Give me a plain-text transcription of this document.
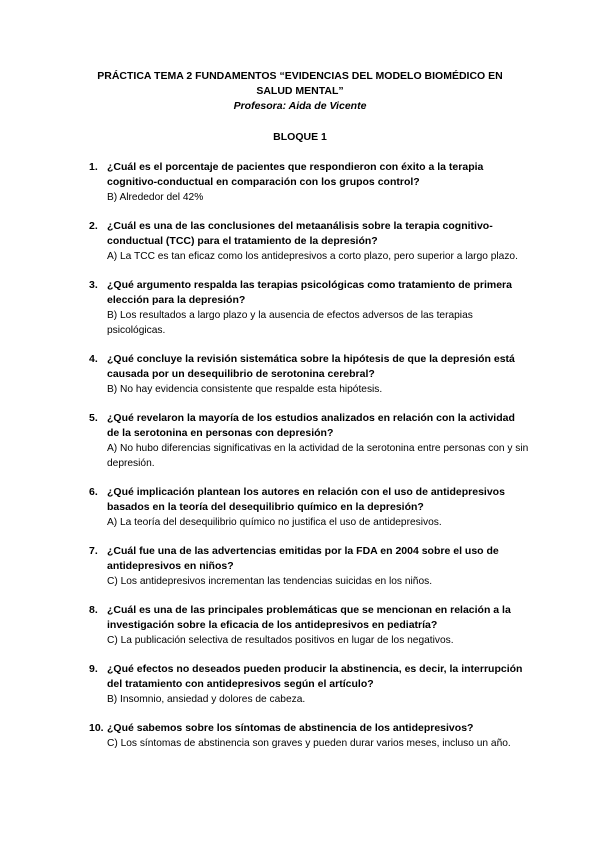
PRÁCTICA TEMA 2 FUNDAMENTOS “EVIDENCIAS DEL MODELO BIOMÉDICO EN
SALUD MENTAL”
Profesora: Aida de Vicente
BLOQUE 1
1. ¿Cuál es el porcentaje de pacientes que respondieron con éxito a la terapia cognitivo-conductual en comparación con los grupos control?
B) Alrededor del 42%
2. ¿Cuál es una de las conclusiones del metaanálisis sobre la terapia cognitivo-conductual (TCC) para el tratamiento de la depresión?
A) La TCC es tan eficaz como los antidepresivos a corto plazo, pero superior a largo plazo.
3. ¿Qué argumento respalda las terapias psicológicas como tratamiento de primera elección para la depresión?
B) Los resultados a largo plazo y la ausencia de efectos adversos de las terapias psicológicas.
4. ¿Qué concluye la revisión sistemática sobre la hipótesis de que la depresión está causada por un desequilibrio de serotonina cerebral?
B) No hay evidencia consistente que respalde esta hipótesis.
5. ¿Qué revelaron la mayoría de los estudios analizados en relación con la actividad de la serotonina en personas con depresión?
A) No hubo diferencias significativas en la actividad de la serotonina entre personas con y sin depresión.
6. ¿Qué implicación plantean los autores en relación con el uso de antidepresivos basados en la teoría del desequilibrio químico en la depresión?
A) La teoría del desequilibrio químico no justifica el uso de antidepresivos.
7. ¿Cuál fue una de las advertencias emitidas por la FDA en 2004 sobre el uso de antidepresivos en niños?
C) Los antidepresivos incrementan las tendencias suicidas en los niños.
8. ¿Cuál es una de las principales problemáticas que se mencionan en relación a la investigación sobre la eficacia de los antidepresivos en pediatría?
C) La publicación selectiva de resultados positivos en lugar de los negativos.
9. ¿Qué efectos no deseados pueden producir la abstinencia, es decir, la interrupción del tratamiento con antidepresivos según el artículo?
B) Insomnio, ansiedad y dolores de cabeza.
10. ¿Qué sabemos sobre los síntomas de abstinencia de los antidepresivos?
C) Los síntomas de abstinencia son graves y pueden durar varios meses, incluso un año.
